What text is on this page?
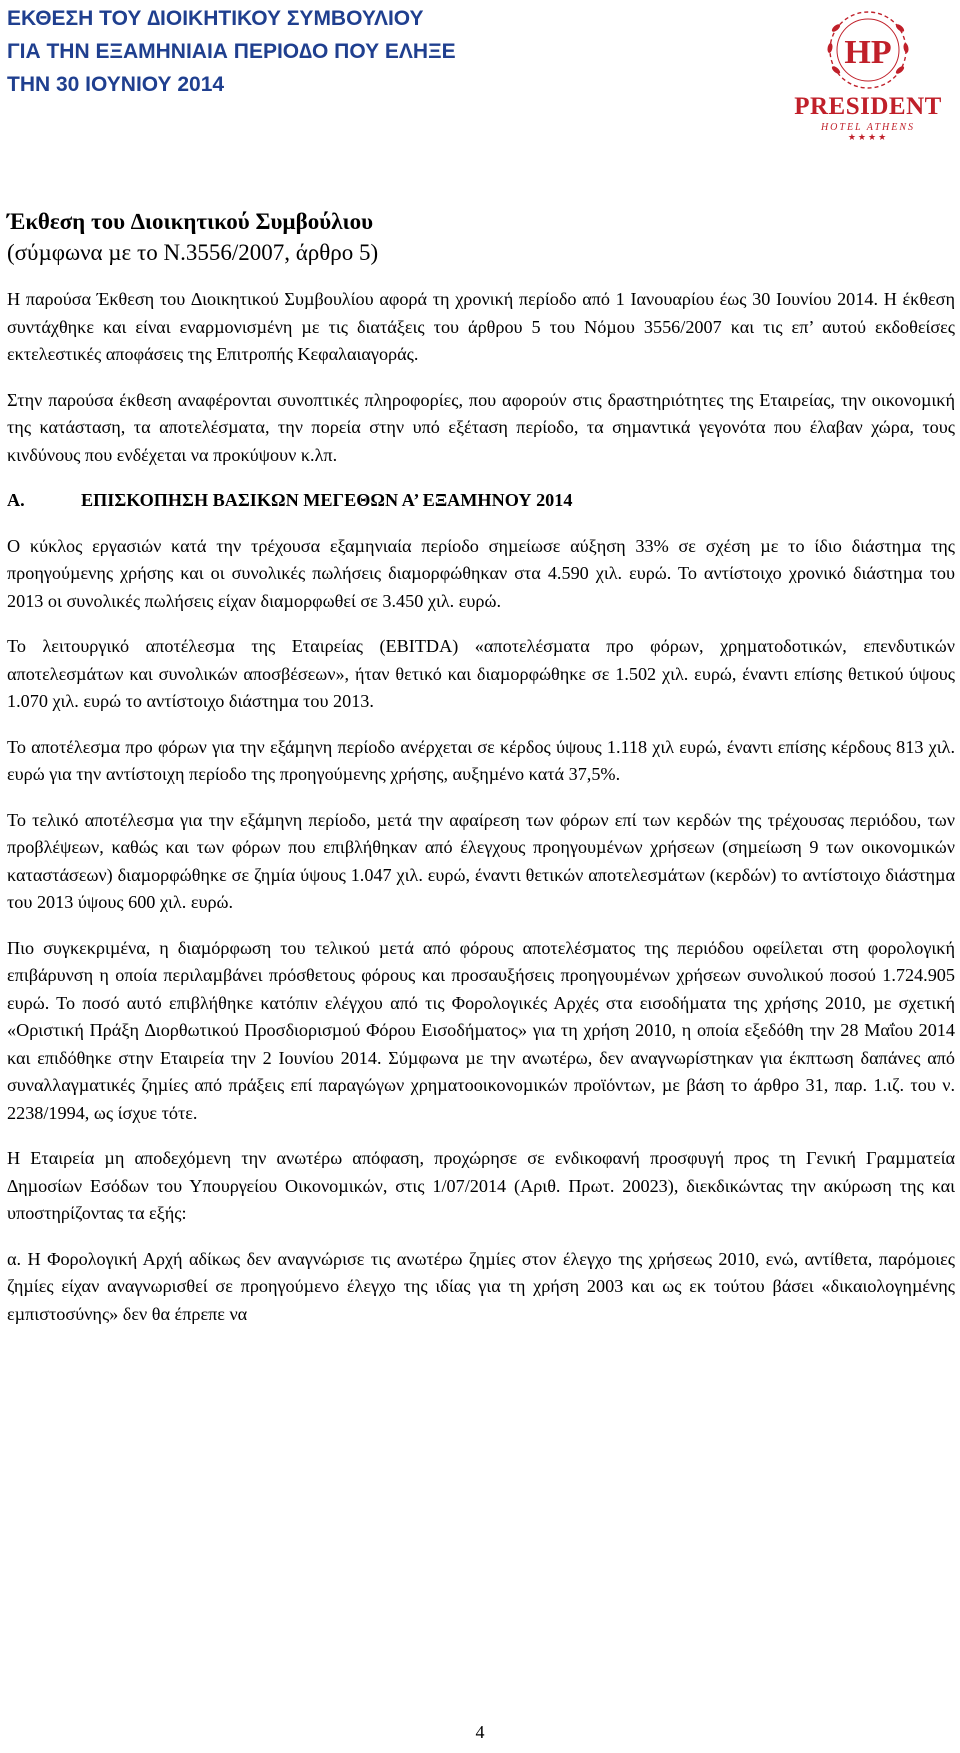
ΕΚΘΕΣΗ ΤΟΥ ∆ΙΟΙΚΗΤΙΚΟΥ ΣΥΜΒΟΥΛΙΟΥ
ΓΙΑ ΤΗΝ ΕΞΑΜΗΝΙΑΙΑ ΠΕΡΙΟ∆Ο ΠΟΥ ΕΛΗΞΕ
ΤΗΝ 30 ΙΟΥΝΙΟΥ 2014
HP
PRESIDENT
HOTEL ATHENS
★★★★
Έκθεση του ∆ιοικητικού Συµβούλιου
(σύµφωνα µε το Ν.3556/2007, άρθρο 5)

Η παρούσα Έκθεση του ∆ιοικητικού Συµβουλίου αφορά τη χρονική περίοδο από 1 Ιανουαρίου έως 30 Ιουνίου 2014. Η έκθεση συντάχθηκε και είναι εναρµονισµένη µε τις διατάξεις του άρθρου 5 του Νόµου 3556/2007 και τις επ’ αυτού εκδοθείσες εκτελεστικές αποφάσεις της Επιτροπής Κεφαλαιαγοράς.

Στην παρούσα έκθεση αναφέρονται συνοπτικές πληροφορίες, που αφορούν στις δραστηριότητες της Εταιρείας, την οικονοµική της κατάσταση, τα αποτελέσµατα, την πορεία στην υπό εξέταση περίοδο, τα σηµαντικά γεγονότα που έλαβαν χώρα, τους κινδύνους που ενδέχεται να προκύψουν κ.λπ.

Α.	ΕΠΙΣΚΟΠΗΣΗ ΒΑΣΙΚΩΝ ΜΕΓΕΘΩΝ Α’ ΕΞΑΜΗΝΟΥ 2014

Ο κύκλος εργασιών κατά την τρέχουσα εξαµηνιαία περίοδο σηµείωσε αύξηση 33% σε σχέση µε το ίδιο διάστηµα της προηγούµενης χρήσης και οι συνολικές πωλήσεις διαµορφώθηκαν στα 4.590 χιλ. ευρώ. Το αντίστοιχο χρονικό διάστηµα του 2013 οι συνολικές πωλήσεις είχαν διαµορφωθεί σε 3.450 χιλ. ευρώ.

Το λειτουργικό αποτέλεσµα της Εταιρείας (EBITDA) «αποτελέσµατα προ φόρων, χρηµατοδοτικών, επενδυτικών αποτελεσµάτων και συνολικών αποσβέσεων», ήταν θετικό και διαµορφώθηκε σε 1.502 χιλ. ευρώ, έναντι επίσης θετικού ύψους 1.070 χιλ. ευρώ το αντίστοιχο διάστηµα του 2013.

Το αποτέλεσµα προ φόρων για την εξάµηνη περίοδο ανέρχεται σε κέρδος ύψους 1.118 χιλ ευρώ, έναντι επίσης κέρδους 813 χιλ. ευρώ για την αντίστοιχη περίοδο της προηγούµενης χρήσης, αυξηµένο κατά 37,5%.

Το τελικό αποτέλεσµα για την εξάµηνη περίοδο, µετά την αφαίρεση των φόρων επί των κερδών της τρέχουσας περιόδου, των προβλέψεων, καθώς και των φόρων που επιβλήθηκαν από έλεγχους προηγουµένων χρήσεων (σηµείωση 9 των οικονοµικών καταστάσεων) διαµορφώθηκε σε ζηµία ύψους 1.047 χιλ. ευρώ, έναντι θετικών αποτελεσµάτων (κερδών) το αντίστοιχο διάστηµα του 2013 ύψους 600 χιλ. ευρώ.

Πιο συγκεκριµένα, η διαµόρφωση του τελικού µετά από φόρους αποτελέσµατος της περιόδου οφείλεται στη φορολογική επιβάρυνση η οποία περιλαµβάνει πρόσθετους φόρους και προσαυξήσεις προηγουµένων χρήσεων συνολικού ποσού 1.724.905 ευρώ. Το ποσό αυτό επιβλήθηκε κατόπιν ελέγχου από τις Φορολογικές Αρχές στα εισοδήµατα της χρήσης 2010, µε σχετική «Οριστική Πράξη ∆ιορθωτικού Προσδιορισµού Φόρου Εισοδήµατος» για τη χρήση 2010, η οποία εξεδόθη την 28 Μαΐου 2014 και επιδόθηκε στην Εταιρεία την 2 Ιουνίου 2014. Σύµφωνα µε την ανωτέρω, δεν αναγνωρίστηκαν για έκπτωση δαπάνες από συναλλαγµατικές ζηµίες από πράξεις επί παραγώγων χρηµατοοικονοµικών προϊόντων, µε βάση το άρθρο 31, παρ. 1.ιζ. του ν. 2238/1994, ως ίσχυε τότε.

Η Εταιρεία µη αποδεχόµενη την ανωτέρω απόφαση, προχώρησε σε ενδικοφανή προσφυγή προς τη Γενική Γραµµατεία ∆ηµοσίων Εσόδων του Υπουργείου Οικονοµικών, στις 1/07/2014 (Αριθ. Πρωτ. 20023), διεκδικώντας την ακύρωση της και υποστηρίζοντας τα εξής:

α. Η Φορολογική Αρχή αδίκως δεν αναγνώρισε τις ανωτέρω ζηµίες στον έλεγχο της χρήσεως 2010, ενώ, αντίθετα, παρόµοιες ζηµίες είχαν αναγνωρισθεί σε προηγούµενο έλεγχο της ιδίας για τη χρήση 2003 και ως εκ τούτου βάσει «δικαιολογηµένης εµπιστοσύνης» δεν θα έπρεπε να

4
